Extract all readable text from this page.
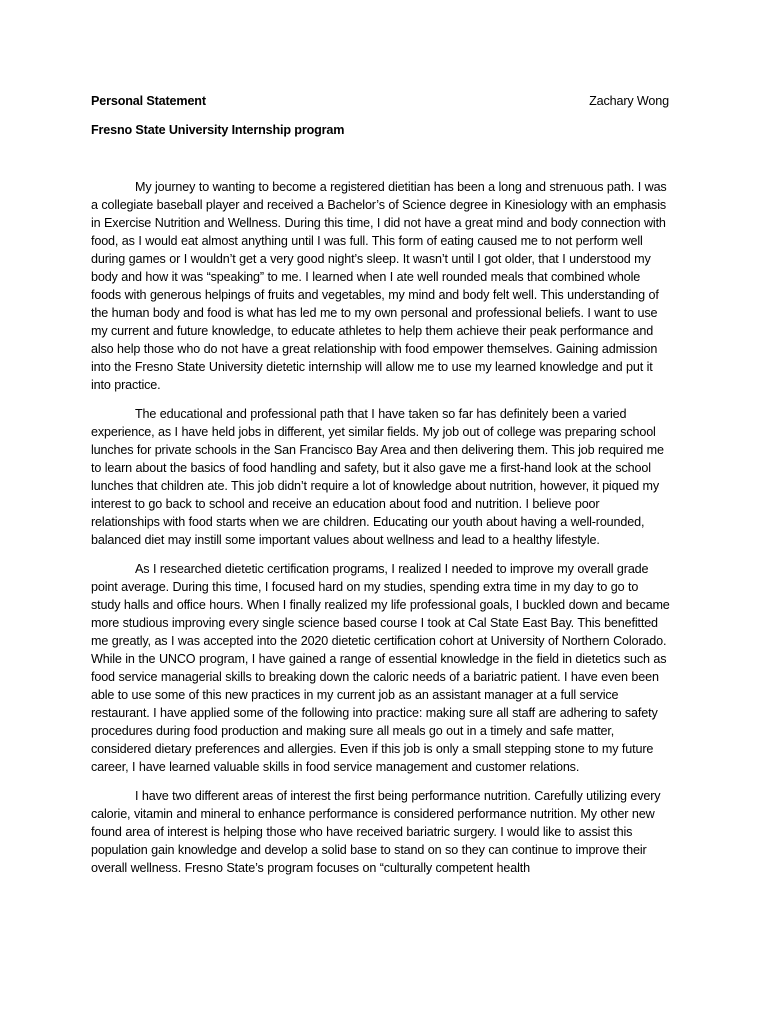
Personal Statement	Zachary Wong
Fresno State University Internship program

My journey to wanting to become a registered dietitian has been a long and strenuous path. I was a collegiate baseball player and received a Bachelor’s of Science degree in Kinesiology with an emphasis in Exercise Nutrition and Wellness. During this time, I did not have a great mind and body connection with food, as I would eat almost anything until I was full. This form of eating caused me to not perform well during games or I wouldn’t get a very good night’s sleep. It wasn’t until I got older, that I understood my body and how it was “speaking” to me. I learned when I ate well rounded meals that combined whole foods with generous helpings of fruits and vegetables, my mind and body felt well. This understanding of the human body and food is what has led me to my own personal and professional beliefs. I want to use my current and future knowledge, to educate athletes to help them achieve their peak performance and also help those who do not have a great relationship with food empower themselves. Gaining admission into the Fresno State University dietetic internship will allow me to use my learned knowledge and put it into practice.

The educational and professional path that I have taken so far has definitely been a varied experience, as I have held jobs in different, yet similar fields. My job out of college was preparing school lunches for private schools in the San Francisco Bay Area and then delivering them. This job required me to learn about the basics of food handling and safety, but it also gave me a first-hand look at the school lunches that children ate. This job didn’t require a lot of knowledge about nutrition, however, it piqued my interest to go back to school and receive an education about food and nutrition. I believe poor relationships with food starts when we are children. Educating our youth about having a well-rounded, balanced diet may instill some important values about wellness and lead to a healthy lifestyle.

As I researched dietetic certification programs, I realized I needed to improve my overall grade point average. During this time, I focused hard on my studies, spending extra time in my day to go to study halls and office hours. When I finally realized my life professional goals, I buckled down and became more studious improving every single science based course I took at Cal State East Bay. This benefitted me greatly, as I was accepted into the 2020 dietetic certification cohort at University of Northern Colorado. While in the UNCO program, I have gained a range of essential knowledge in the field in dietetics such as food service managerial skills to breaking down the caloric needs of a bariatric patient. I have even been able to use some of this new practices in my current job as an assistant manager at a full service restaurant. I have applied some of the following into practice: making sure all staff are adhering to safety procedures during food production and making sure all meals go out in a timely and safe matter, considered dietary preferences and allergies. Even if this job is only a small stepping stone to my future career, I have learned valuable skills in food service management and customer relations.

I have two different areas of interest the first being performance nutrition. Carefully utilizing every calorie, vitamin and mineral to enhance performance is considered performance nutrition. My other new found area of interest is helping those who have received bariatric surgery. I would like to assist this population gain knowledge and develop a solid base to stand on so they can continue to improve their overall wellness. Fresno State’s program focuses on “culturally competent health
